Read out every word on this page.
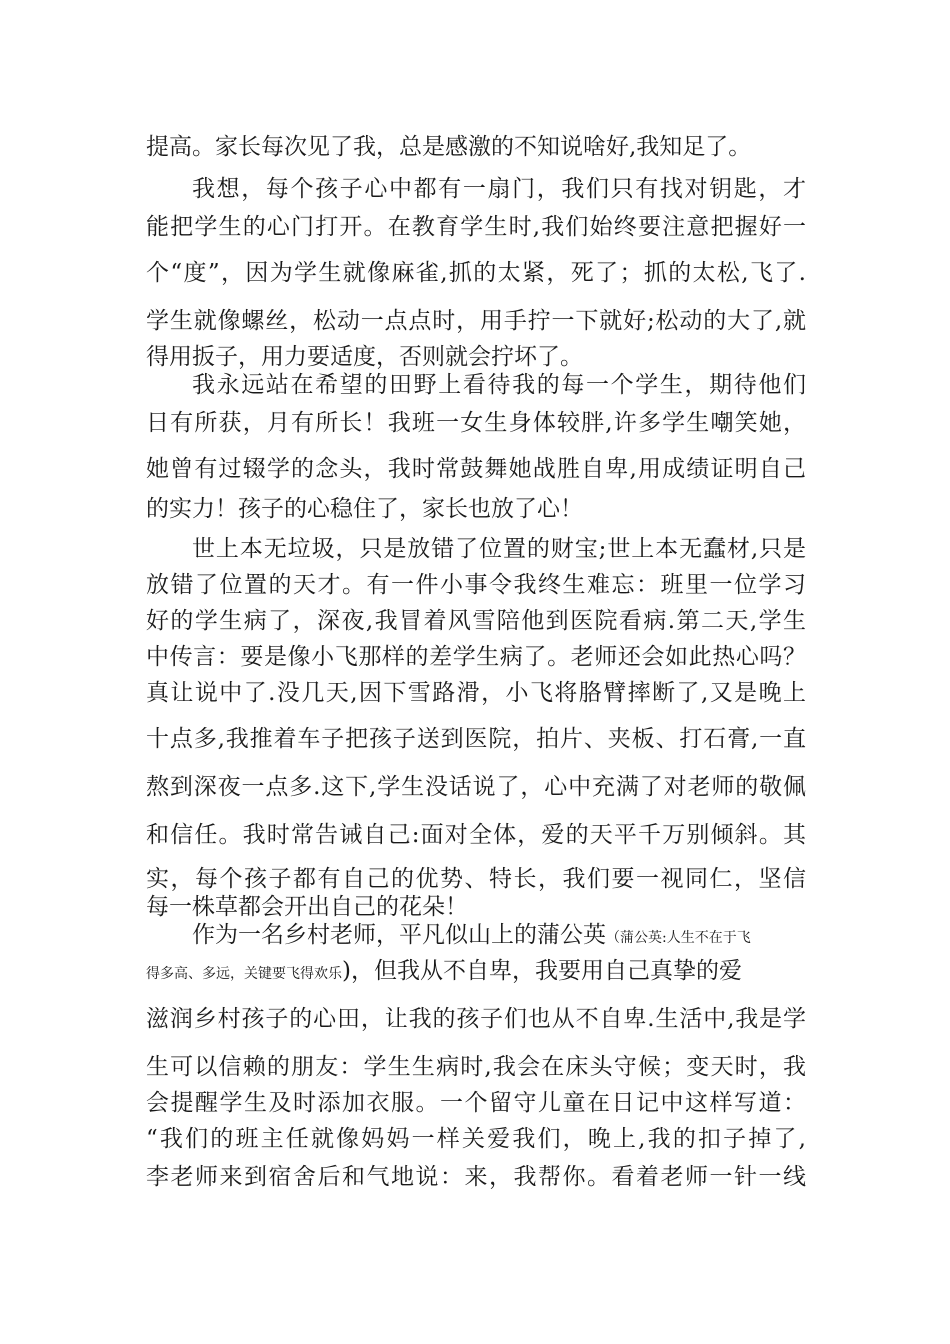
提高。家长每次见了我，总是感激的不知说啥好,我知足了。
我想，每个孩子心中都有一扇门，我们只有找对钥匙，才
能把学生的心门打开。在教育学生时,我们始终要注意把握好一
个“度”，因为学生就像麻雀,抓的太紧，死了；抓的太松,飞了.
学生就像螺丝，松动一点点时，用手拧一下就好;松动的大了,就
得用扳子，用力要适度，否则就会拧坏了。
我永远站在希望的田野上看待我的每一个学生，期待他们
日有所获，月有所长！我班一女生身体较胖,许多学生嘲笑她，
她曾有过辍学的念头，我时常鼓舞她战胜自卑,用成绩证明自己
的实力！孩子的心稳住了，家长也放了心！
世上本无垃圾，只是放错了位置的财宝;世上本无蠢材,只是
放错了位置的天才。有一件小事令我终生难忘：班里一位学习
好的学生病了，深夜,我冒着风雪陪他到医院看病.第二天,学生
中传言：要是像小飞那样的差学生病了。老师还会如此热心吗？
真让说中了.没几天,因下雪路滑，小飞将胳臂摔断了,又是晚上
十点多,我推着车子把孩子送到医院，拍片、夹板、打石膏,一直
熬到深夜一点多.这下,学生没话说了，心中充满了对老师的敬佩
和信任。我时常告诫自己:面对全体，爱的天平千万别倾斜。其
实，每个孩子都有自己的优势、特长，我们要一视同仁，坚信
每一株草都会开出自己的花朵！
作为一名乡村老师，平凡似山上的蒲公英（蒲公英:人生不在于飞
得多高、多远，关键要飞得欢乐)，但我从不自卑，我要用自己真挚的爱
滋润乡村孩子的心田，让我的孩子们也从不自卑.生活中,我是学
生可以信赖的朋友：学生生病时,我会在床头守候；变天时，我
会提醒学生及时添加衣服。一个留守儿童在日记中这样写道：
“我们的班主任就像妈妈一样关爱我们，晚上,我的扣子掉了,
李老师来到宿舍后和气地说：来，我帮你。看着老师一针一线
